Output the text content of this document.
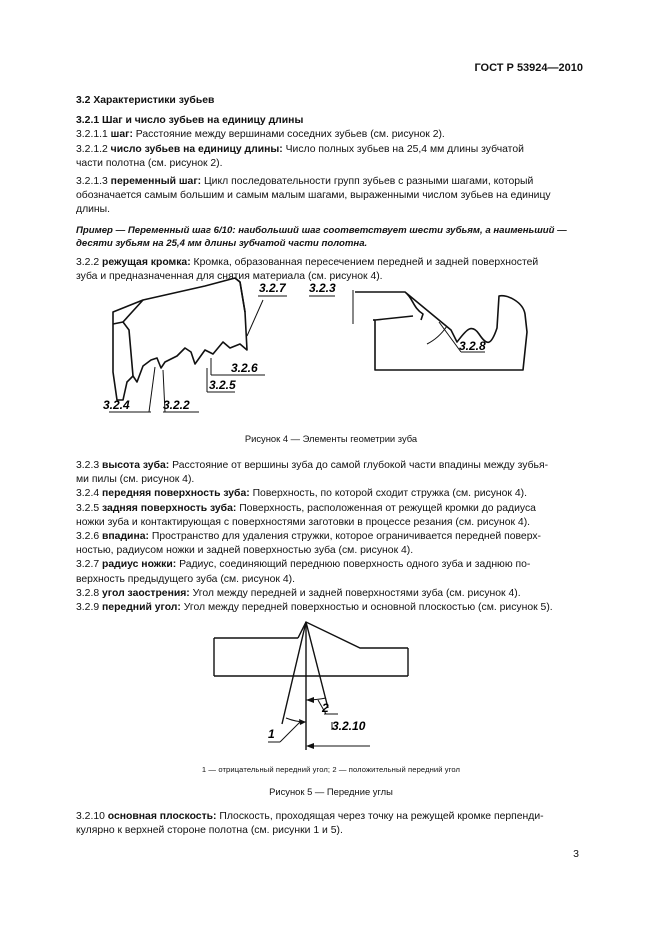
ГОСТ Р 53924—2010

3.2 Характеристики зубьев

3.2.1 Шаг и число зубьев на единицу длины

3.2.1.1 шаг: Расстояние между вершинами соседних зубьев (см. рисунок 2).

3.2.1.2 число зубьев на единицу длины: Число полных зубьев на 25,4 мм длины зубчатой

части полотна (см. рисунок 2).

3.2.1.3 переменный шаг: Цикл последовательности групп зубьев с разными шагами, который

обозначается самым большим и самым малым шагами, выраженными числом зубьев на единицу

длины.

Пример — Переменный шаг 6/10: наибольший шаг соответствует шести зубьям, а наименьший —

десяти зубьям на 25,4 мм длины зубчатой части полотна.

3.2.2 режущая кромка: Кромка, образованная пересечением передней и задней поверхностей

зуба и предназначенная для снятия материала (см. рисунок 4).

3.2.7 3.2.3
3.2.6
3.2.5
3.2.8
3.2.4	3.2.2
Рисунок 4 — Элементы геометрии зуба

3.2.3 высота зуба: Расстояние от вершины зуба до самой глубокой части впадины между зубья-

ми пилы (см. рисунок 4).

3.2.4 передняя поверхность зуба: Поверхность, по которой сходит стружка (см. рисунок 4).

3.2.5 задняя поверхность зуба: Поверхность, расположенная от режущей кромки до радиуса

ножки зуба и контактирующая с поверхностями заготовки в процессе резания (см. рисунок 4).

3.2.6 впадина: Пространство для удаления стружки, которое ограничивается передней поверх-

ностью, радиусом ножки и задней поверхностью зуба (см. рисунок 4).

3.2.7 радиус ножки: Радиус, соединяющий переднюю поверхность одного зуба и заднюю по-

верхность предыдущего зуба (см. рисунок 4).

3.2.8 угол заострения: Угол между передней и задней поверхностями зуба (см. рисунок 4).

3.2.9 передний угол: Угол между передней поверхностью и основной плоскостью (см. рисунок 5).

1
2
3.2.10
1 — отрицательный передний угол; 2 — положительный передний угол
Рисунок 5 — Передние углы

3.2.10 основная плоскость: Плоскость, проходящая через точку на режущей кромке перпенди-

кулярно к верхней стороне полотна (см. рисунки 1 и 5).

3
